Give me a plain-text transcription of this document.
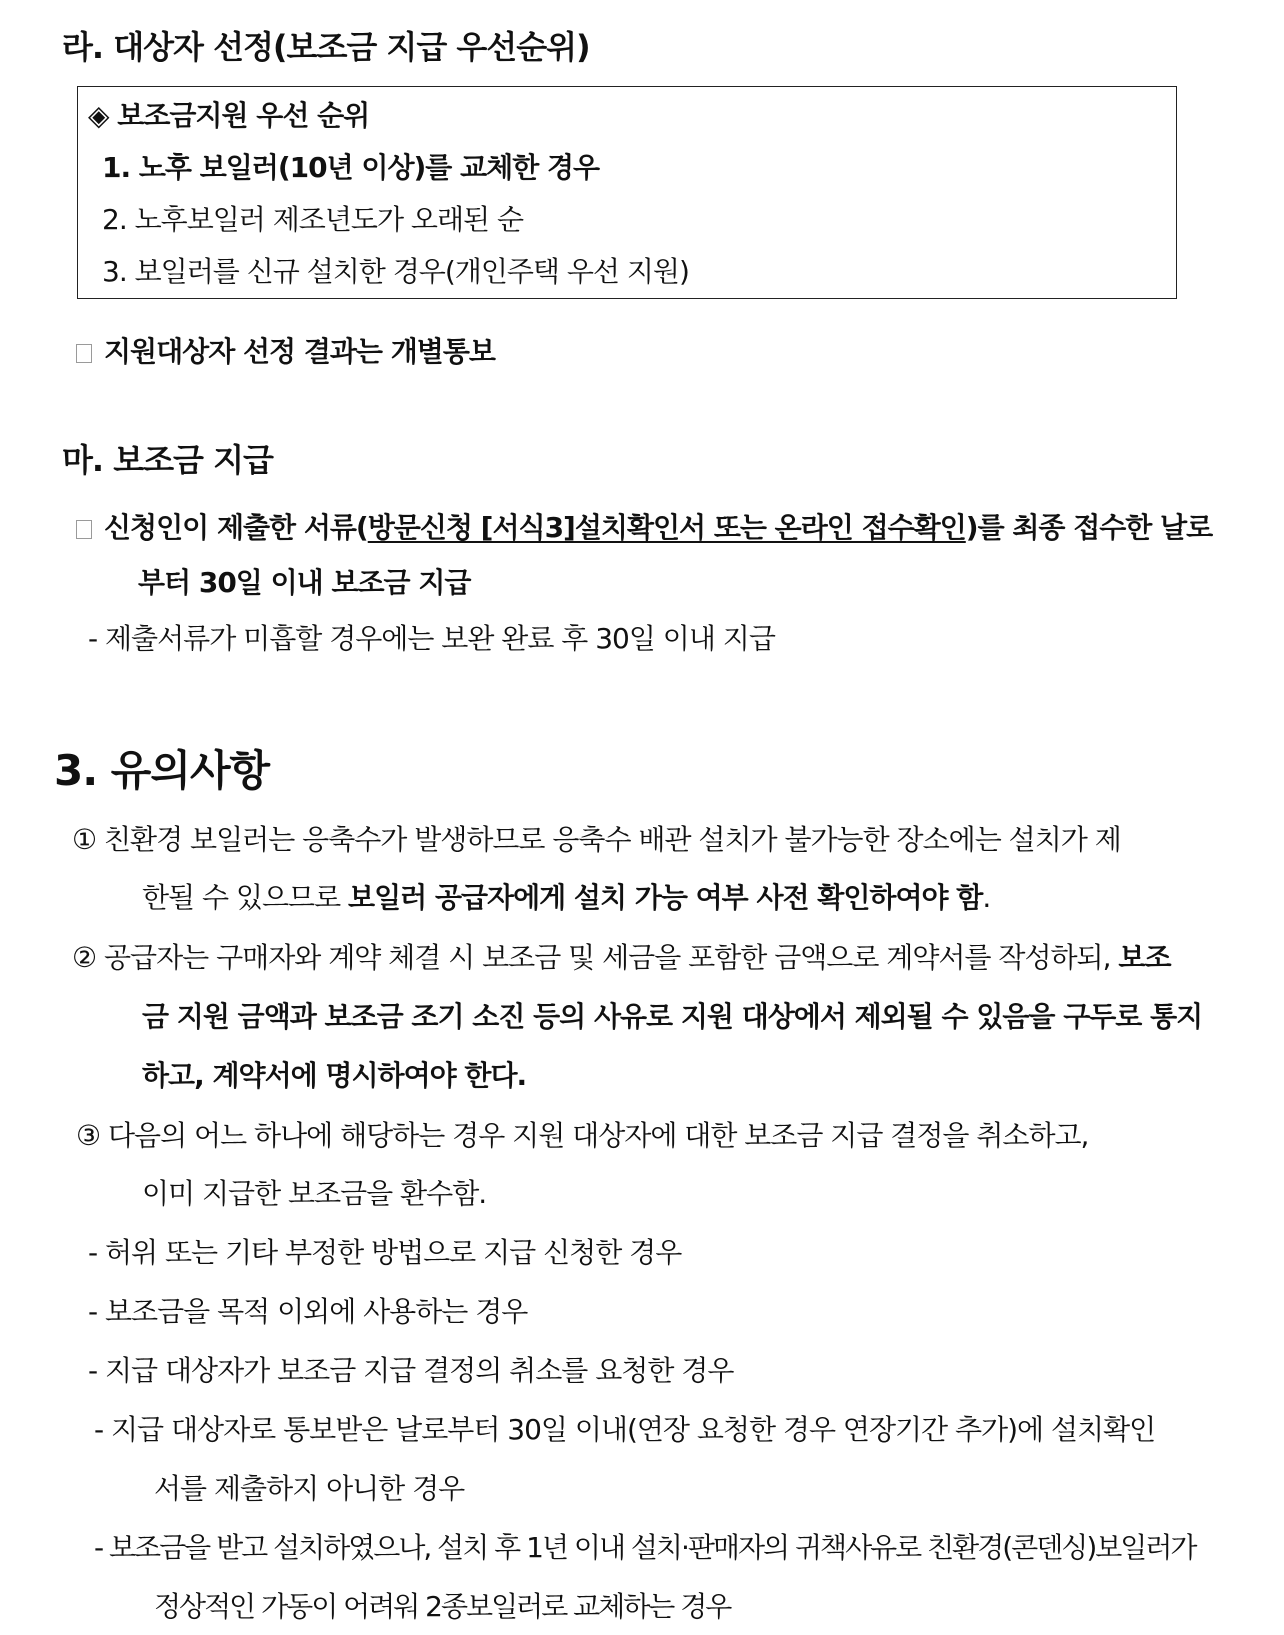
라. 대상자 선정(보조금 지급 우선순위)
◈ 보조금지원 우선 순위
1. 노후 보일러(10년 이상)를 교체한 경우
2. 노후보일러 제조년도가 오래된 순
3. 보일러를 신규 설치한 경우(개인주택 우선 지원)
지원대상자 선정 결과는 개별통보
마. 보조금 지급
신청인이 제출한 서류(방문신청 [서식3]설치확인서 또는 온라인 접수확인)를 최종 접수한 날로
부터 30일 이내 보조금 지급
- 제출서류가 미흡할 경우에는 보완 완료 후 30일 이내 지급
3. 유의사항
① 친환경 보일러는 응축수가 발생하므로 응축수 배관 설치가 불가능한 장소에는 설치가 제
한될 수 있으므로 보일러 공급자에게 설치 가능 여부 사전 확인하여야 함.
② 공급자는 구매자와 계약 체결 시 보조금 및 세금을 포함한 금액으로 계약서를 작성하되, 보조
금 지원 금액과 보조금 조기 소진 등의 사유로 지원 대상에서 제외될 수 있음을 구두로 통지
하고, 계약서에 명시하여야 한다.
③ 다음의 어느 하나에 해당하는 경우 지원 대상자에 대한 보조금 지급 결정을 취소하고,
이미 지급한 보조금을 환수함.
- 허위 또는 기타 부정한 방법으로 지급 신청한 경우
- 보조금을 목적 이외에 사용하는 경우
- 지급 대상자가 보조금 지급 결정의 취소를 요청한 경우
- 지급 대상자로 통보받은 날로부터 30일 이내(연장 요청한 경우 연장기간 추가)에 설치확인
서를 제출하지 아니한 경우
- 보조금을 받고 설치하였으나, 설치 후 1년 이내 설치·판매자의 귀책사유로 친환경(콘덴싱)보일러가
정상적인 가동이 어려워 2종보일러로 교체하는 경우
